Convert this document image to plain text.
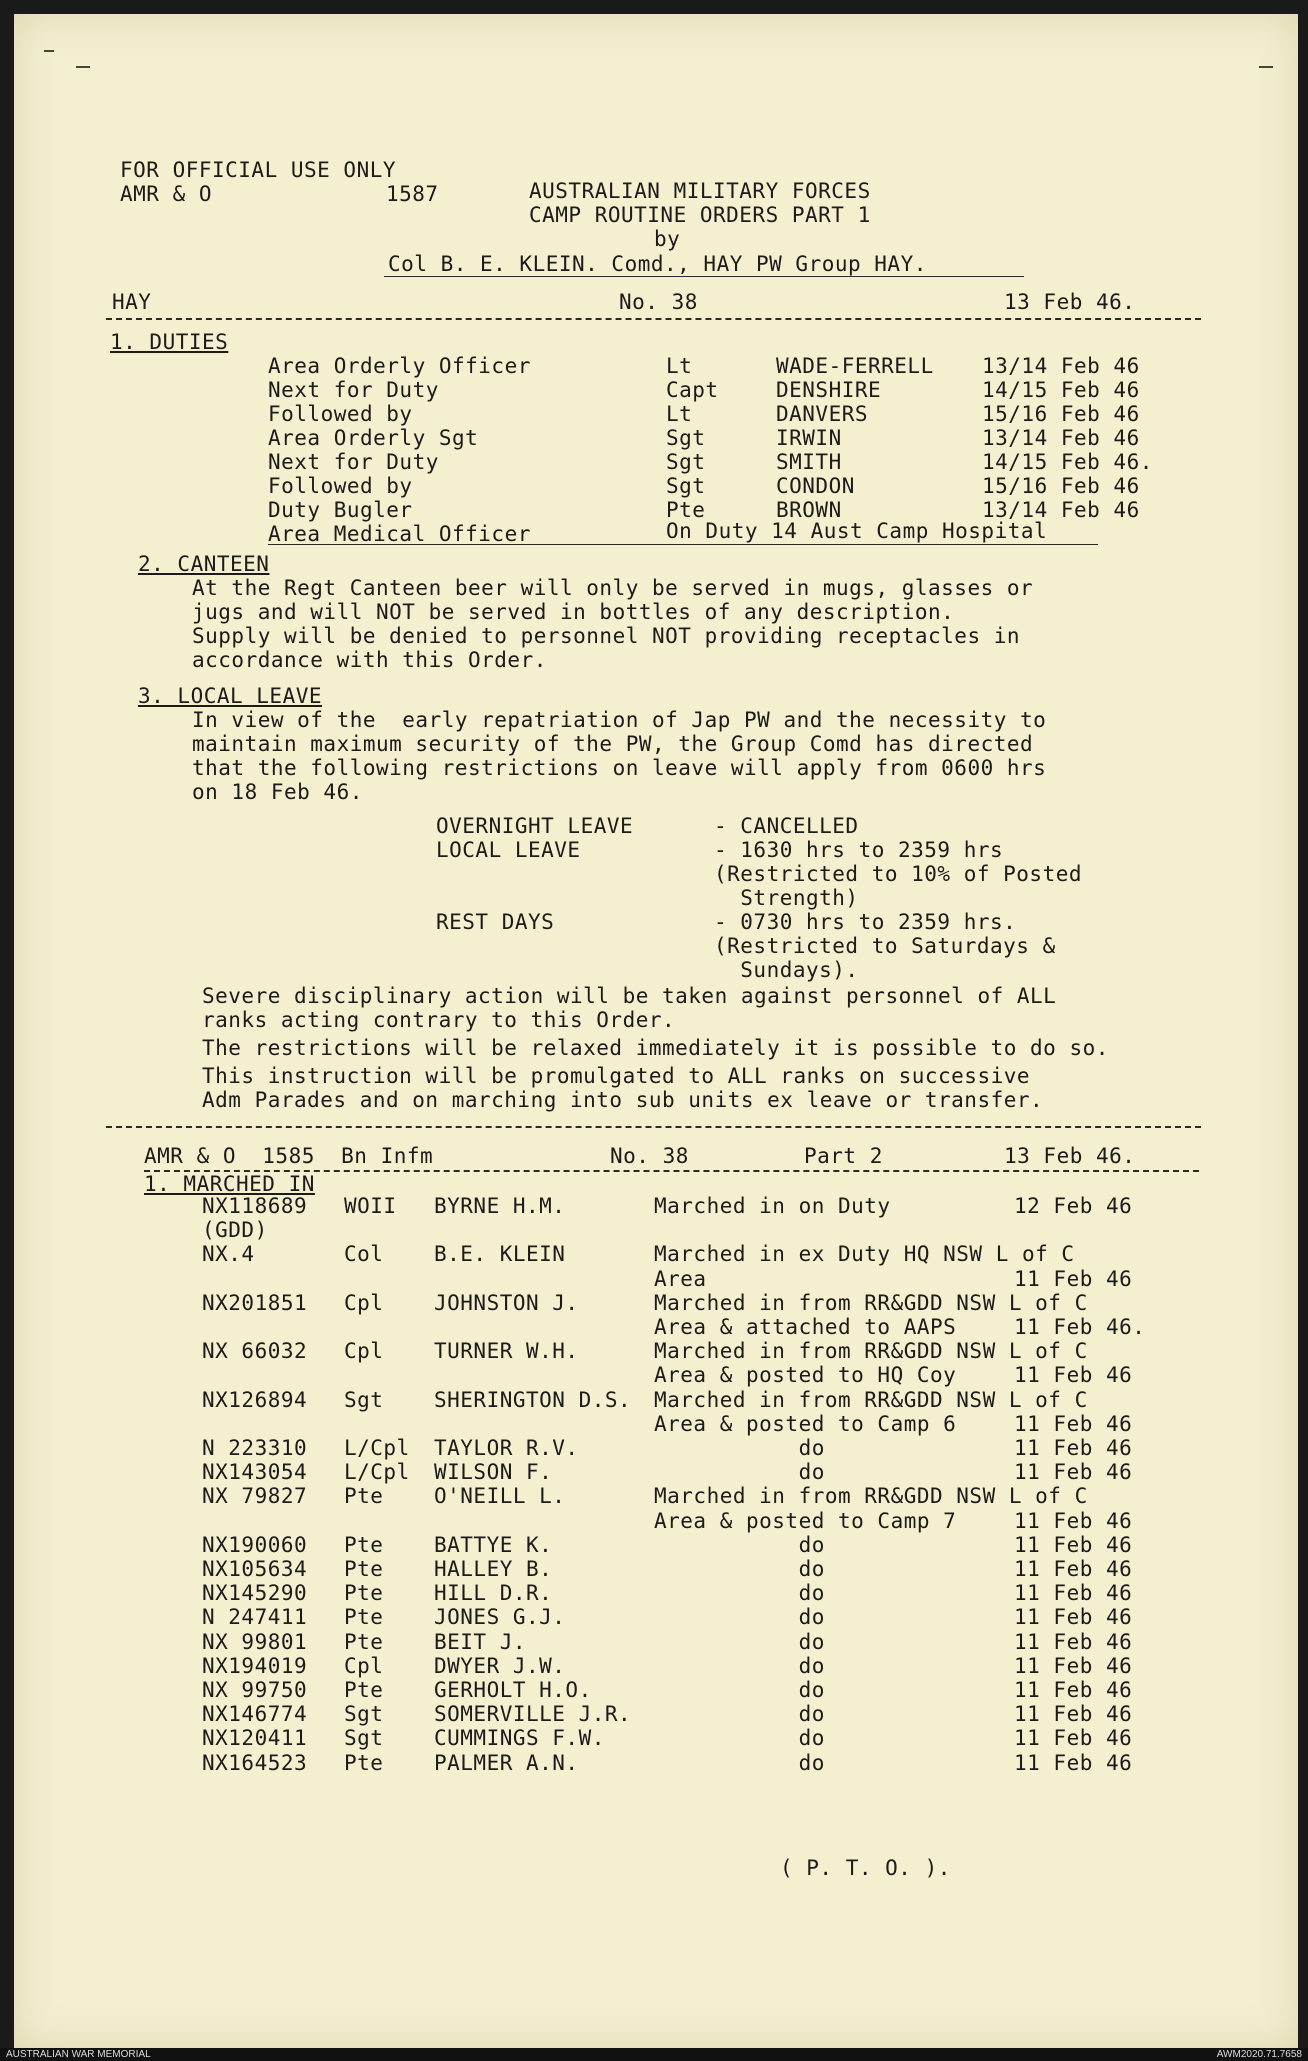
FOR OFFICIAL USE ONLY
AMR & O	1587	AUSTRALIAN MILITARY FORCES
CAMP ROUTINE ORDERS PART 1
by
Col B. E. KLEIN. Comd., HAY PW Group HAY.
HAY	No. 38	13 Feb 46.
1. DUTIES
Area Orderly Officer	Lt	WADE-FERRELL 13/14 Feb 46
Next for Duty	Capt	DENSHIRE	14/15 Feb 46
Followed by	Lt	DANVERS	15/16 Feb 46
Area Orderly Sgt	Sgt	IRWIN	13/14 Feb 46
Next for Duty	Sgt	SMITH	14/15 Feb 46.
Followed by	Sgt	CONDON	15/16 Feb 46
Duty Bugler	Pte	BROWN	13/14 Feb 46
Area Medical Officer	On Duty 14 Aust Camp Hospital
2. CANTEEN
At the Regt Canteen beer will only be served in mugs, glasses or
jugs and will NOT be served in bottles of any description.
Supply will be denied to personnel NOT providing receptacles in
accordance with this Order.
3. LOCAL LEAVE
In view of the  early repatriation of Jap PW and the necessity to
maintain maximum security of the PW, the Group Comd has directed
that the following restrictions on leave will apply from 0600 hrs
on 18 Feb 46.
OVERNIGHT LEAVE	- CANCELLED
LOCAL LEAVE	- 1630 hrs to 2359 hrs
(Restricted to 10% of Posted
Strength)
REST DAYS	- 0730 hrs to 2359 hrs.
(Restricted to Saturdays &
Sundays).
Severe disciplinary action will be taken against personnel of ALL
ranks acting contrary to this Order.
The restrictions will be relaxed immediately it is possible to do so.
This instruction will be promulgated to ALL ranks on successive
Adm Parades and on marching into sub units ex leave or transfer.
AMR & O  1585  Bn Infm	No. 38	Part 2	13 Feb 46.
1. MARCHED IN
NX118689 WOII BYRNE H.M.	Marched in on Duty	12 Feb 46
(GDD)
NX.4	Col B.E. KLEIN	Marched in ex Duty HQ NSW L of C
Area	11 Feb 46
NX201851 Cpl JOHNSTON J.	Marched in from RR&GDD NSW L of C
Area & attached to AAPS	11 Feb 46.
NX 66032 Cpl TURNER W.H.	Marched in from RR&GDD NSW L of C
Area & posted to HQ Coy	11 Feb 46
NX126894 Sgt SHERINGTON D.S. Marched in from RR&GDD NSW L of C
Area & posted to Camp 6	11 Feb 46
N 223310 L/Cpl TAYLOR R.V.	do	11 Feb 46
NX143054 L/Cpl WILSON F.	do	11 Feb 46
NX 79827 Pte O'NEILL L.	Marched in from RR&GDD NSW L of C
Area & posted to Camp 7	11 Feb 46
NX190060 Pte BATTYE K.	do	11 Feb 46
NX105634 Pte HALLEY B.	do	11 Feb 46
NX145290 Pte HILL D.R.	do	11 Feb 46
N 247411 Pte JONES G.J.	do	11 Feb 46
NX 99801 Pte BEIT J.	do	11 Feb 46
NX194019 Cpl DWYER J.W.	do	11 Feb 46
NX 99750 Pte GERHOLT H.O.	do	11 Feb 46
NX146774 Sgt SOMERVILLE J.R. do	11 Feb 46
NX120411 Sgt CUMMINGS F.W. do	11 Feb 46
NX164523 Pte PALMER A.N.	do	11 Feb 46
( P. T. O. ).
AUSTRALIAN WAR MEMORIAL	AWM2020.71.7658
